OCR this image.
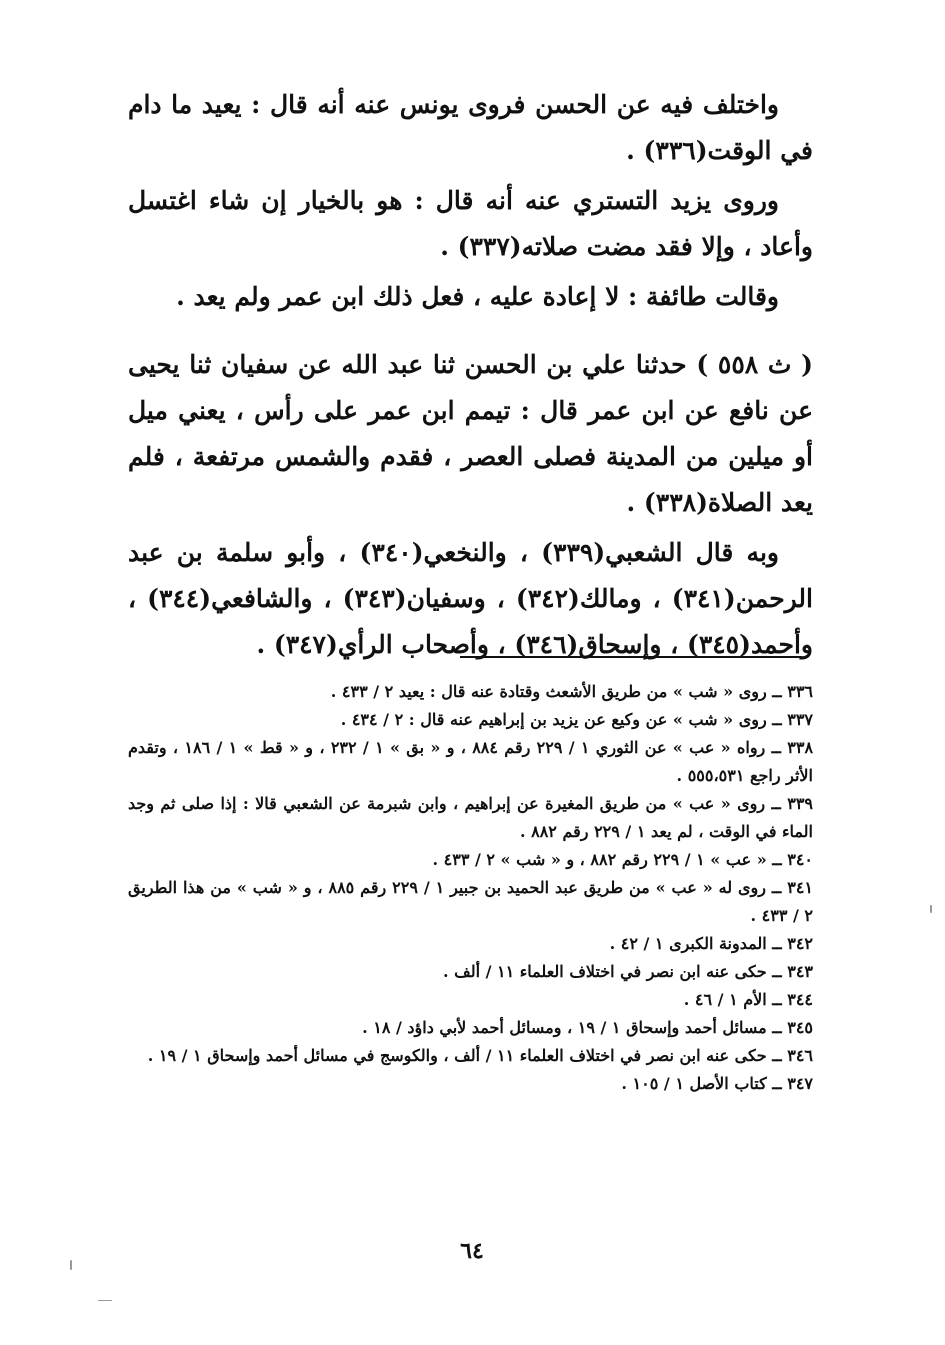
واختلف فيه عن الحسن فروى يونس عنه أنه قال : يعيد ما دام في الوقت(٣٣٦) .

وروى يزيد التستري عنه أنه قال : هو بالخيار إن شاء اغتسل وأعاد ، وإلا فقد مضت صلاته(٣٣٧) .

وقالت طائفة : لا إعادة عليه ، فعل ذلك ابن عمر ولم يعد .

( ث ٥٥٨ ) حدثنا علي بن الحسن ثنا عبد الله عن سفيان ثنا يحيى عن نافع عن ابن عمر قال : تيمم ابن عمر على رأس ، يعني ميل أو ميلين من المدينة فصلى العصر ، فقدم والشمس مرتفعة ، فلم يعد الصلاة(٣٣٨) .

وبه قال الشعبي(٣٣٩) ، والنخعي(٣٤٠) ، وأبو سلمة بن عبد الرحمن(٣٤١) ، ومالك(٣٤٢) ، وسفيان(٣٤٣) ، والشافعي(٣٤٤) ، وأحمد(٣٤٥) ، وإسحاق(٣٤٦) ، وأصحاب الرأي(٣٤٧) .

٣٣٦ ــ روى « شب » من طريق الأشعث وقتادة عنه قال : يعيد ٢ / ٤٣٣ .

٣٣٧ ــ روى « شب » عن وكيع عن يزيد بن إبراهيم عنه قال : ٢ / ٤٣٤ .

٣٣٨ ــ رواه « عب » عن الثوري ١ / ٢٢٩ رقم ٨٨٤ ، و « بق » ١ / ٢٣٢ ، و « قط » ١ / ١٨٦ ، وتقدم الأثر راجع ٥٥٥،٥٣١ .

٣٣٩ ــ روى « عب » من طريق المغيرة عن إبراهيم ، وابن شبرمة عن الشعبي قالا : إذا صلى ثم وجد الماء في الوقت ، لم يعد ١ / ٢٢٩ رقم ٨٨٢ .

٣٤٠ ــ « عب » ١ / ٢٢٩ رقم ٨٨٢ ، و « شب » ٢ / ٤٣٣ .

٣٤١ ــ روى له « عب » من طريق عبد الحميد بن جبير ١ / ٢٢٩ رقم ٨٨٥ ، و « شب » من هذا الطريق ٢ / ٤٣٣ .

٣٤٢ ــ المدونة الكبرى ١ / ٤٢ .

٣٤٣ ــ حكى عنه ابن نصر في اختلاف العلماء ١١ / ألف .

٣٤٤ ــ الأم ١ / ٤٦ .

٣٤٥ ــ مسائل أحمد وإسحاق ١ / ١٩ ، ومسائل أحمد لأبي داؤد / ١٨ .

٣٤٦ ــ حكى عنه ابن نصر في اختلاف العلماء ١١ / ألف ، والكوسج في مسائل أحمد وإسحاق ١ / ١٩ .

٣٤٧ ــ كتاب الأصل ١ / ١٠٥ .

٦٤
